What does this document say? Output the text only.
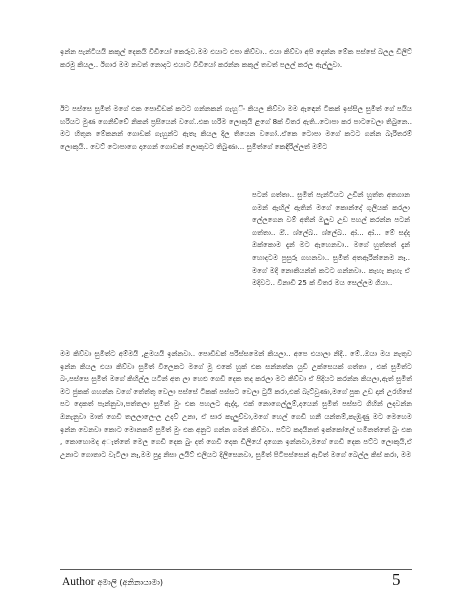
ඉන්න පැන්ටියයි කකුල් දෙකයි විඩියෝ කෙරුව.මම එයාට එපා කිව්වා.. එයා කිව්වා අපි දෙන්න මේක පස්සේ බලල ඩිලිට් කරමු කියල.. ඊගාර මම නවත් නොදට එයාට විඩියෝ කරන්න කකුල් තවත් පලල් කරල ඇල්ලුවා.

ඊට පස්සෙ සුමිත් මගේ එක පොඩිඩක් කටට ගන්නකන් ගැහුිං කියල කිව්වා මම ඇඳෙන් ටිකක් ඉස්සිල සුමිත් ගේ පයිය හරියට මුණ ගෙනිච්චේ නිකන් ප්‍රසියෙන් වගේ..එක හරිම ලොකුයි ළගේ 8ක් විතර ඇති..ටොපා කර පාටවෙලා තිබුනෙ.. මට හිතුන මේකනන් ගොඩක් ගැහුන්ට ඇතැ කියල දිල තියෙන වගෝ..ඒකෙ ටොපා මගේ කටට ගන්න බැරිතරම් ලොකුයි.. වෙට් ටොපාගෙ දාගෙන් ගොඩක් ලොකුවට තිබුණා... සුමිත්ගේ කෙඳිරිල්ලත් මම්ට

පටන් ගත්තා.. සුමිත් පැන්ටියට උඩින් හුත්ත අතගාන ගමන් ඇඟිල් ඇතින් මගේ කොන්දේ ගුලියක් කරලා ලේලගෙන වම් අතින් ඔලුව උඩ පහල් කරන්න පටන් ගත්තා.. ඔ්.. ශ්ලේබ.. ශ්ලේබ.. ආ්... ආ්... මේ සද්ද ඔක්කොම දැන් මට ඇහෙනවා.. මගේ හුත්තත් දැන් හොදටම පුසුරු ගහනවා.. සුමිත් අතඇරින්නෙම නෑ.. මගේ මදි නොකියන්න් කටට ගන්නවා.. කැහැ කැහැ ඒ මදිවට.. විනාඩි 25 ක් විතර මය සෙල්ලම ගියා..

මම කිව්වා සුමිත්ට අම්මයි ,ළමයයි ඉන්නවා.. පොඩිඩක් පරිස්සමෙන් කියලා.. අපෙ එයාලා නිදී.. මේ..ඔයා මය නැතුව ඉන්න කියල එයා කිව්වා සුමිත් විලෙකට මගේ මු එකේ හුක් එක සන්නත්න යුඩී උක්සෙයක් ගත්තා , එක් සුමිත්ට බං,පස්සෙ සුමිත් මගේ කිහිල්ල යටින් අත ලා හෙළු ගෙඩි දෙක තද කරලා මට කිව්වා ඒ පිදියට කරන්න කියලා,ඇත් සුමිත් මට ජුකක් ගහන්න වගේ තේත්තු වෙලා පස්සේ ටිකක් පස්සට වෙලා ටුයි කරා,එක් බැට්වුණා,මගේ පුක උඩ දාන් උරහිසේ පට දෙකත් පැන්නුවා,පත්තලා සුමිත් මුං එක පහලට ඇද්දා, එක් නොගෙල්ලුම්,දයෙන් සුමිත් පස්සට ගිහින් ලදවන්න ඔනැනුවා මාත් ගෙඩි තලලාලෙංල උදව් උනා, ඒ සාර කැලුච්වා,මගේ හෙල් ගෙඩි හනී යන්තම්,කැඹුණු මට මෙහෙම ඉන්න වෙනවා කොට මොනකම් සුමිත් මුං එක අනුට ගන්න ගමන් කිව්වා.. පට්ට කදයිනත් ඉක්කෝලේ හමිනත්තේ බුං එක , කොහොමද අැත්තේ මෙල ගෙඩි දෙක බුං දත් ගෙඩි දෙක ඩිලියේ දාගෙන ඉන්නවා,මගේ ගෙඩි දෙක පට්ට ලොකුයි,ඒ උනාට ගොතාට වැටිලා නෑ,මම පුදු නිසා ලයිට් එලියට දිලිසෙනවා, සුමිත් පිටිපස්සෙන් ඇවිත් මගේ බෙල්ල කිස් කරා, මම

Author අමාලි (අනිනායාමා)	5
